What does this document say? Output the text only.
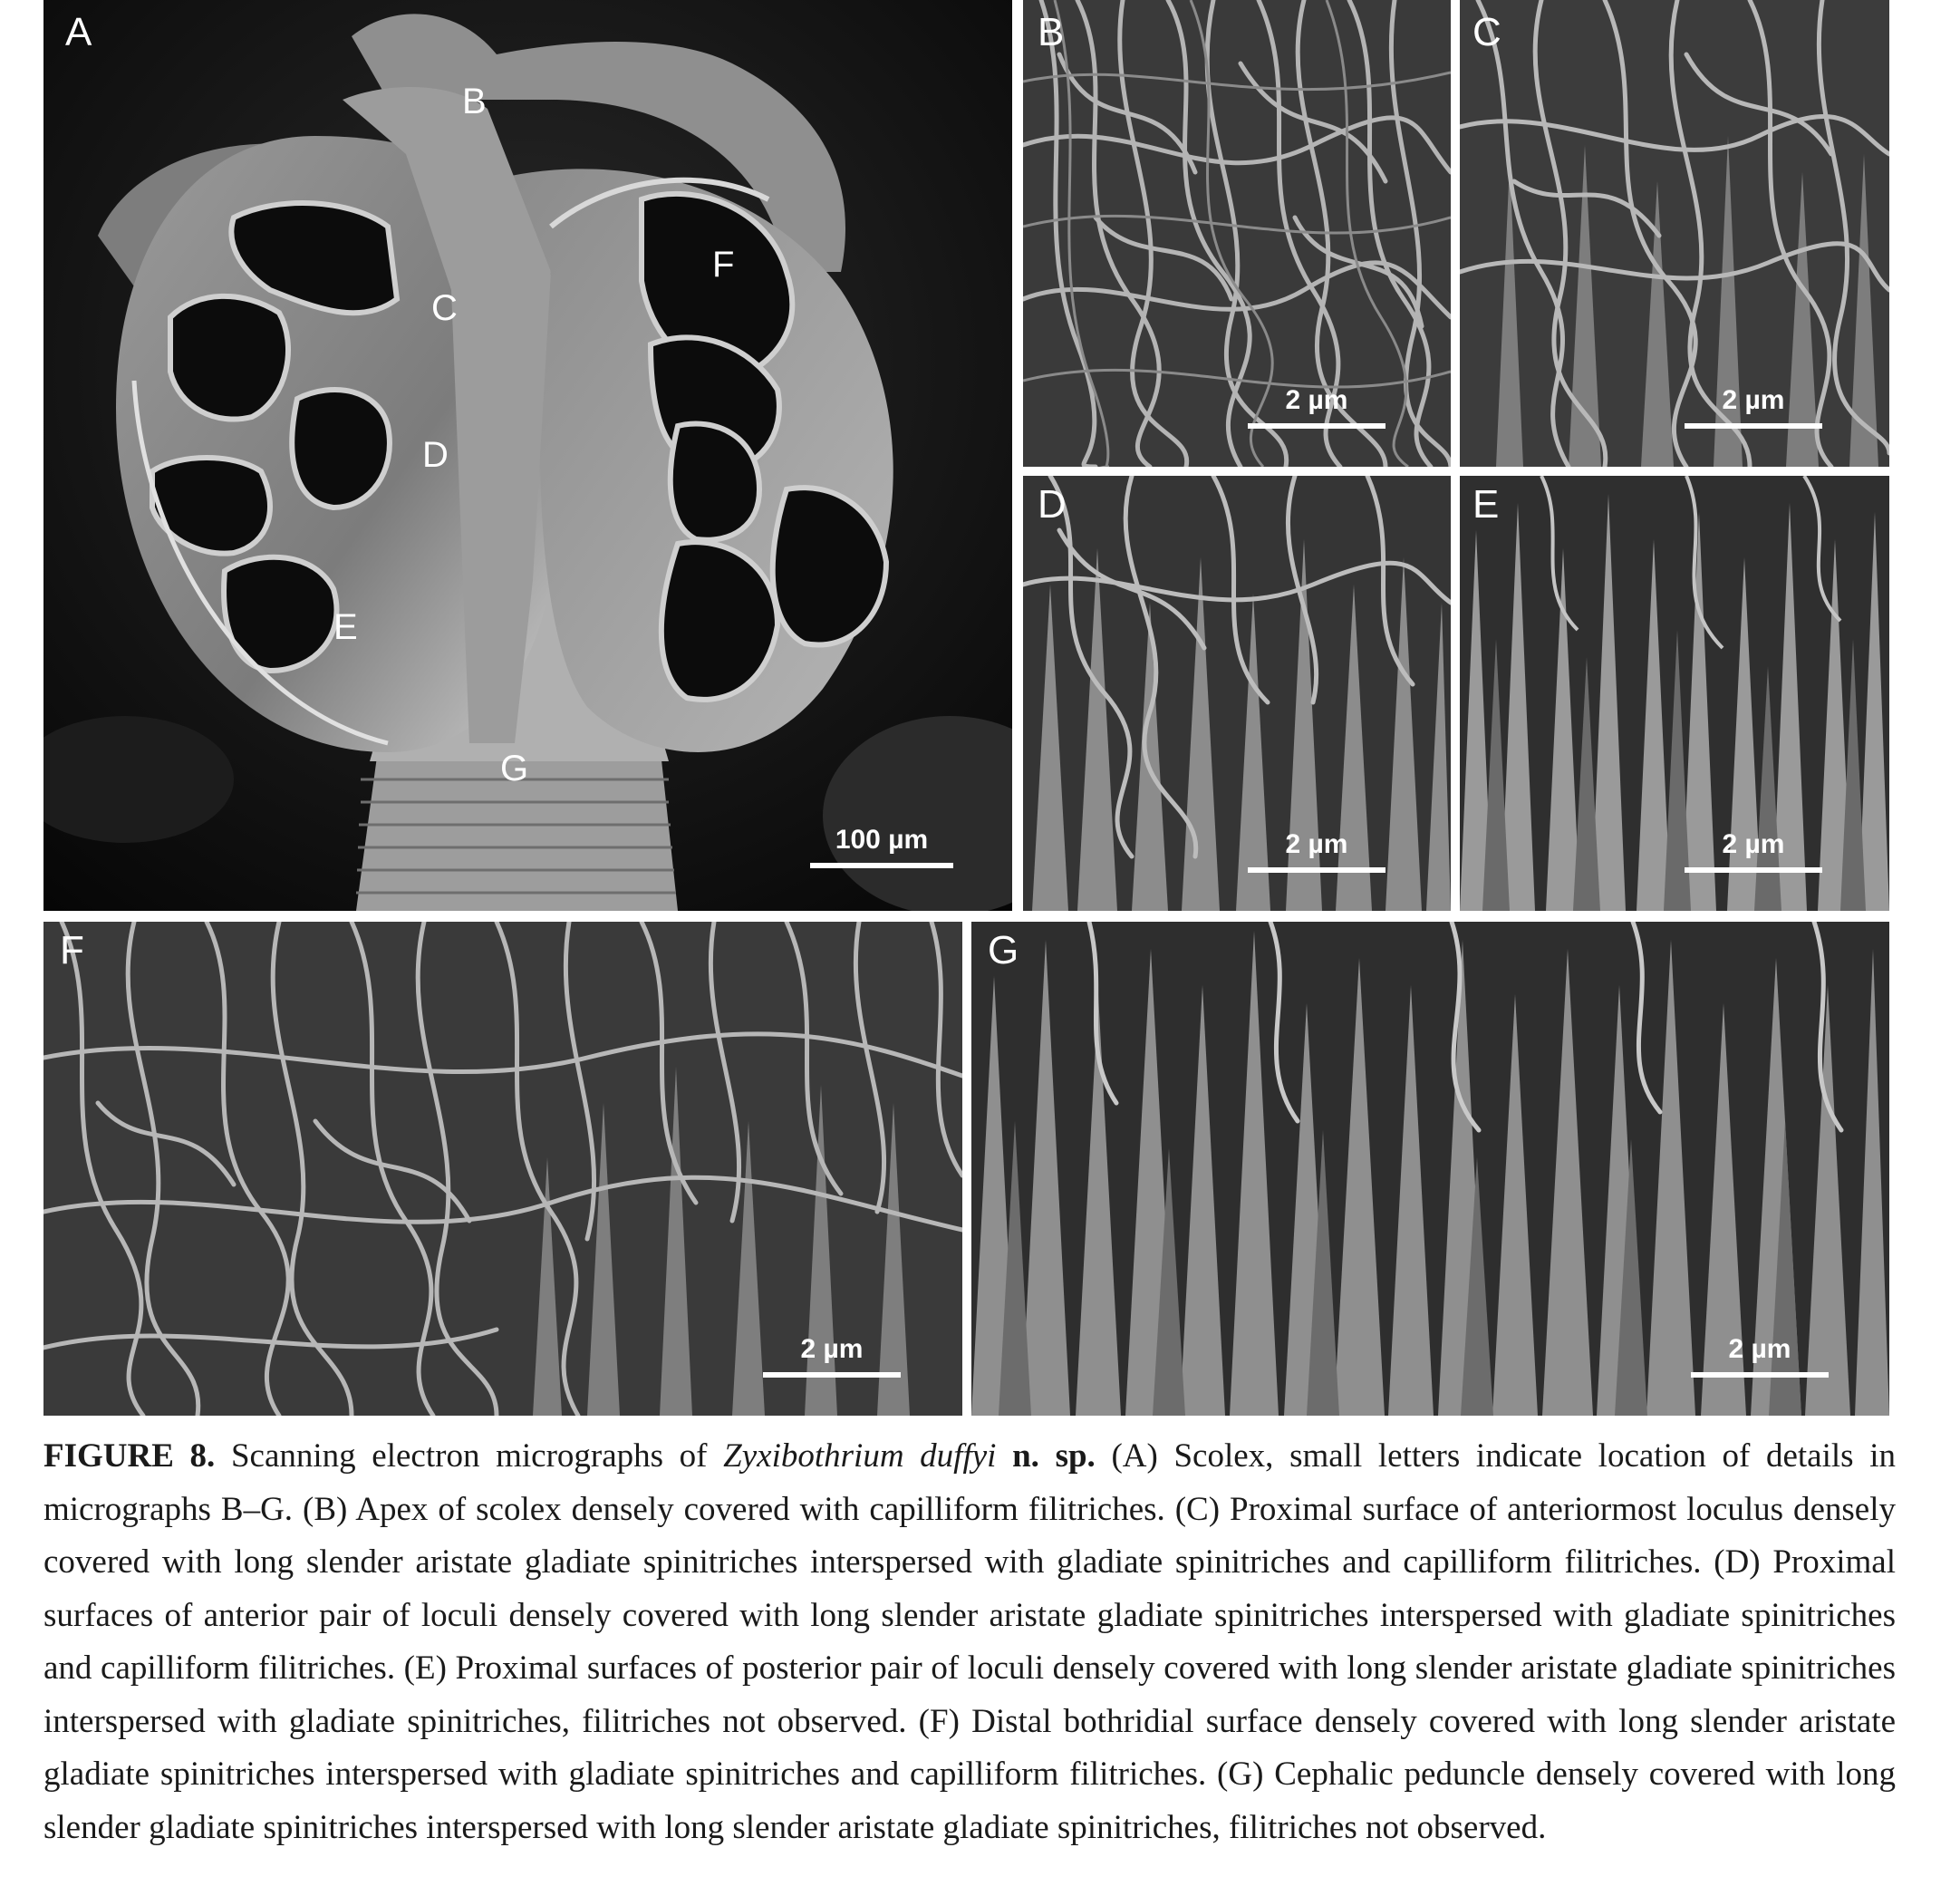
A
B
C
D
E
F
G
100 µm
B
2 µm
C
2 µm
D
2 µm
E
2 µm
F
2 µm
G
2 µm
FIGURE 8. Scanning electron micrographs of Zyxibothrium duffyi n. sp. (A) Scolex, small letters indicate location of details in micrographs B–G. (B) Apex of scolex densely covered with capilliform filitriches. (C) Proximal surface of anteriormost loculus densely covered with long slender aristate gladiate spinitriches interspersed with gladiate spinitriches and capilliform filitriches. (D) Proximal surfaces of anterior pair of loculi densely covered with long slender aristate gladiate spinitriches interspersed with gladiate spinitriches and capilliform filitriches. (E) Proximal surfaces of posterior pair of loculi densely covered with long slender aristate gladiate spinitriches interspersed with gladiate spinitriches, filitriches not observed. (F) Distal bothridial surface densely covered with long slender aristate gladiate spinitriches interspersed with gladiate spinitriches and capilliform filitriches. (G) Cephalic peduncle densely covered with long slender gladiate spinitriches interspersed with long slender aristate gladiate spinitriches, filitriches not observed.
